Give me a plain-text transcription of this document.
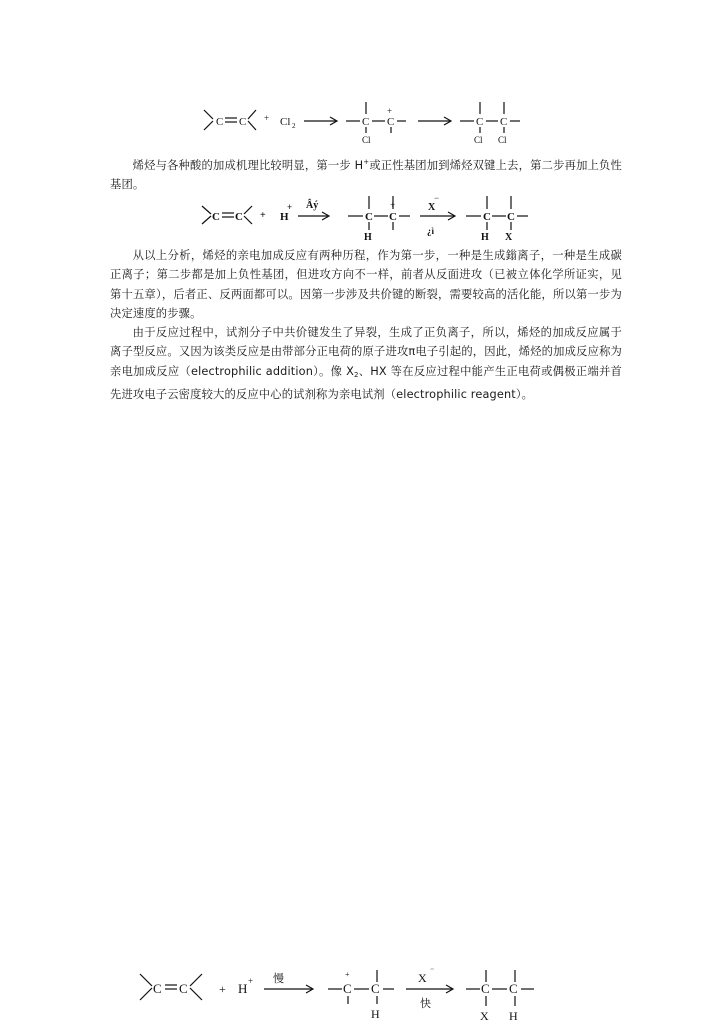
C C + Cl 2	C
Cl
C
+
C
Cl
C
Cl

烯烃与各种酸的加成机理比较明显，第一步 H+或正性基团加到烯烃双键上去，第二步再加上负性基团。

C C + H
+ Âý
C
H
C
+	X
−
¿ì
C
H
C
X

从以上分析，烯烃的亲电加成反应有两种历程，作为第一步，一种是生成鎓离子，一种是生成碳正离子；第二步都是加上负性基团，但进攻方向不一样，前者从反面进攻（已被立体化学所证实，见第十五章），后者正、反两面都可以。因第一步涉及共价键的断裂，需要较高的活化能，所以第一步为决定速度的步骤。

由于反应过程中，试剂分子中共价键发生了异裂，生成了正负离子，所以，烯烃的加成反应属于离子型反应。又因为该类反应是由带部分正电荷的原子进攻π电子引起的，因此，烯烃的加成反应称为亲电加成反应（electrophilic addition）。像 $X_2$、HX 等在反应过程中能产生正电荷或偶极正端并首先进攻电子云密度较大的反应中心的试剂称为亲电试剂（electrophilic reagent）。

C C	+ H + 慢
C
+
C
H
X
⁻
快
C
X
C
H
